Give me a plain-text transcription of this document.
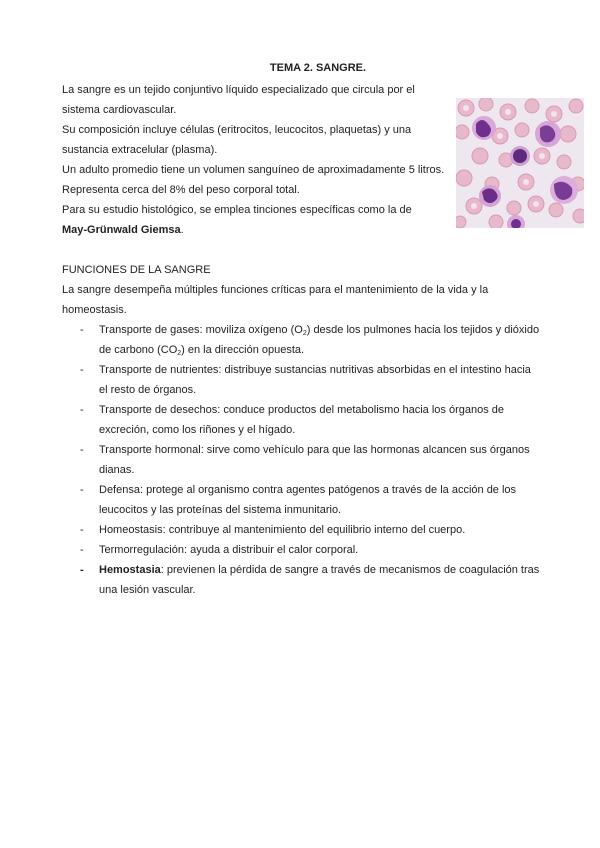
TEMA 2. SANGRE.

La sangre es un tejido conjuntivo líquido especializado que circula por el

sistema cardiovascular.

Su composición incluye células (eritrocitos, leucocitos, plaquetas) y una

sustancia extracelular (plasma).

Un adulto promedio tiene un volumen sanguíneo de aproximadamente 5 litros.

Representa cerca del 8% del peso corporal total.

Para su estudio histológico, se emplea tinciones específicas como la de

May-Grünwald Giemsa.

FUNCIONES DE LA SANGRE

La sangre desempeña múltiples funciones críticas para el mantenimiento de la vida y la homeostasis.

- Transporte de gases: moviliza oxígeno $(O_2)$ desde los pulmones hacia los tejidos y dióxido de carbono $(CO_2)$ en la dirección opuesta.
- Transporte de nutrientes: distribuye sustancias nutritivas absorbidas en el intestino hacia el resto de órganos.
- Transporte de desechos: conduce productos del metabolismo hacia los órganos de excreción, como los riñones y el hígado.
- Transporte hormonal: sirve como vehículo para que las hormonas alcancen sus órganos dianas.
- Defensa: protege al organismo contra agentes patógenos a través de la acción de los leucocitos y las proteínas del sistema inmunitario.
- Homeostasis: contribuye al mantenimiento del equilibrio interno del cuerpo.
- Termorregulación: ayuda a distribuir el calor corporal.
- Hemostasia: previenen la pérdida de sangre a través de mecanismos de coagulación tras una lesión vascular.
